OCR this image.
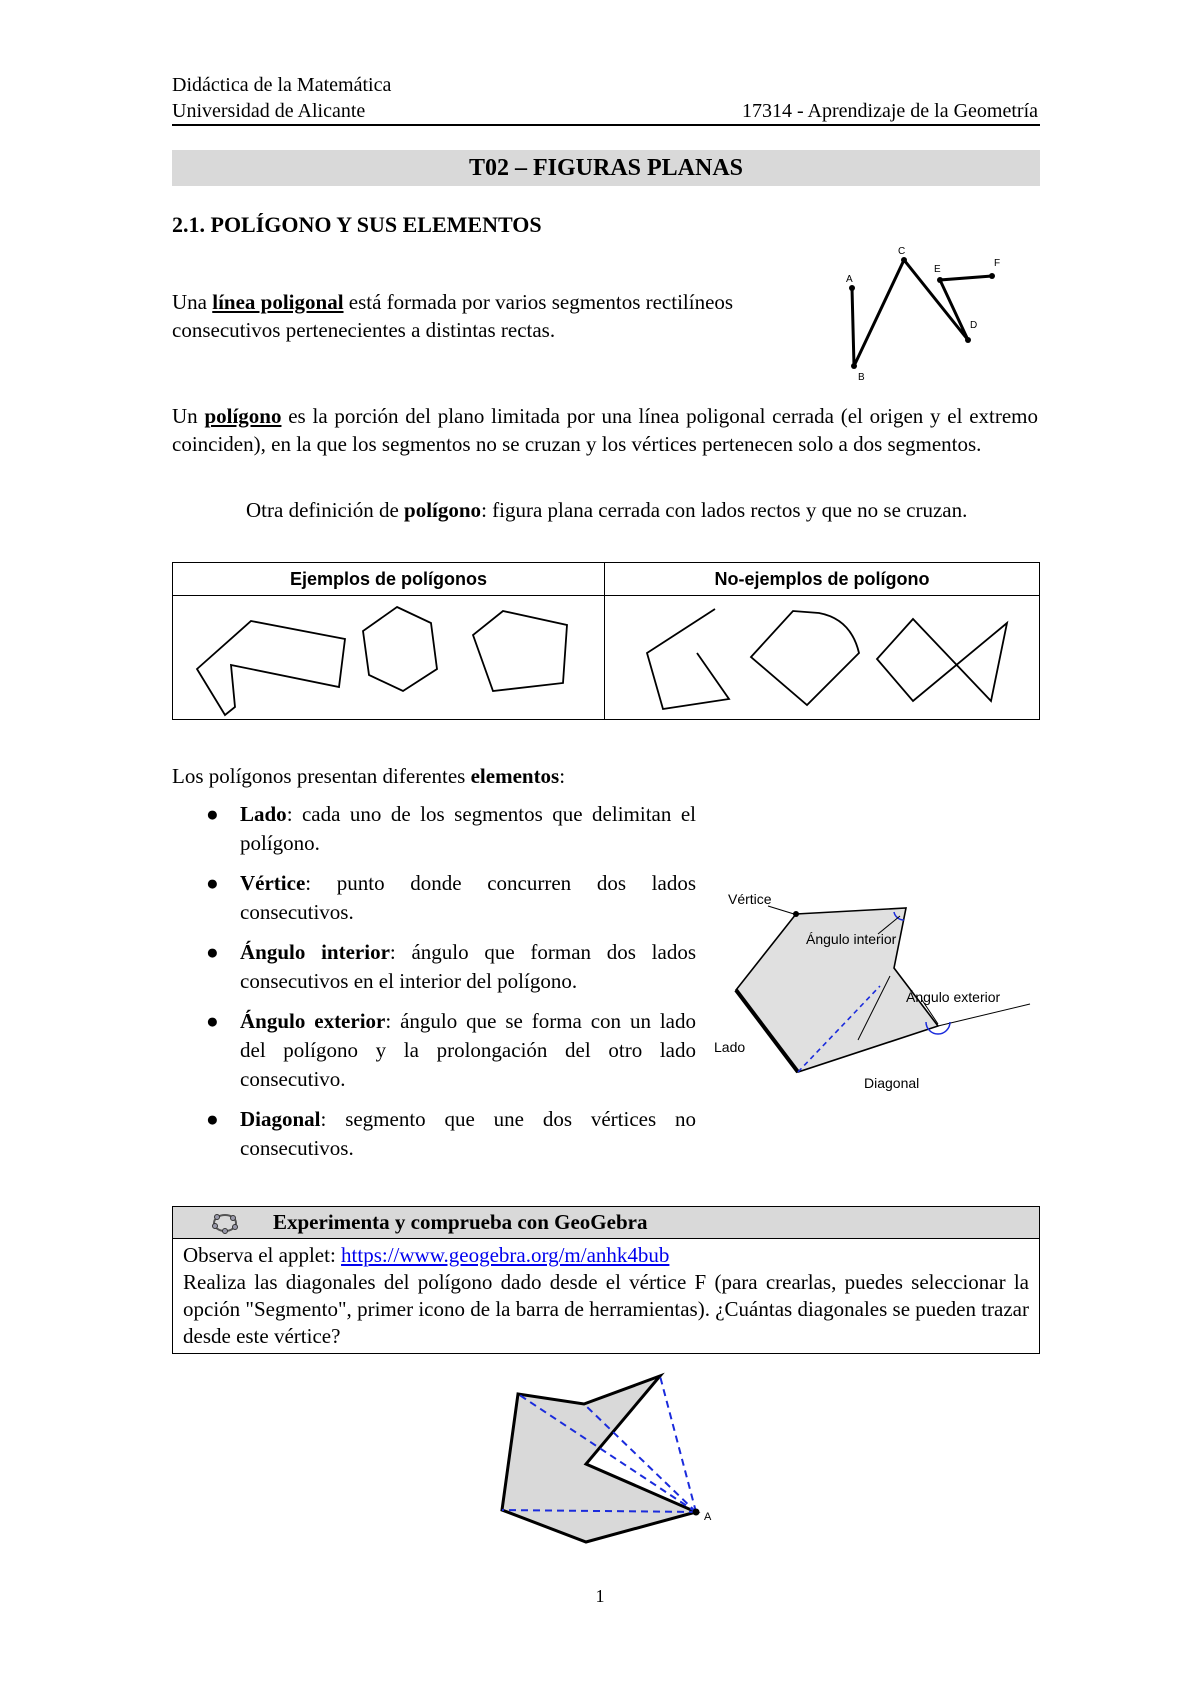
Didáctica de la Matemática
Universidad de Alicante	17314 - Aprendizaje de la Geometría
T02 – FIGURAS PLANAS
2.1. POLÍGONO Y SUS ELEMENTOS
Una línea poligonal está formada por varios segmentos rectilíneos consecutivos pertenecientes a distintas rectas.
A
B
C
D
E
F
Un polígono es la porción del plano limitada por una línea poligonal cerrada (el origen y el extremo coinciden), en la que los segmentos no se cruzan y los vértices pertenecen solo a dos segmentos.
Otra definición de polígono: figura plana cerrada con lados rectos y que no se cruzan.
Ejemplos de polígonos	No-ejemplos de polígono
Los polígonos presentan diferentes elementos:
● Lado: cada uno de los segmentos que delimitan el polígono.
● Vértice: punto donde concurren dos lados consecutivos.
● Ángulo interior: ángulo que forman dos lados consecutivos en el interior del polígono.
● Ángulo exterior: ángulo que se forma con un lado del polígono y la prolongación del otro lado consecutivo.
● Diagonal: segmento que une dos vértices no consecutivos.
Vértice
Ángulo interior
Ángulo exterior
Lado
Diagonal
Experimenta y comprueba con GeoGebra
Observa el applet: https://www.geogebra.org/m/anhk4bub
Realiza las diagonales del polígono dado desde el vértice F (para crearlas, puedes seleccionar la opción "Segmento", primer icono de la barra de herramientas). ¿Cuántas diagonales se pueden trazar desde este vértice?
A
1
